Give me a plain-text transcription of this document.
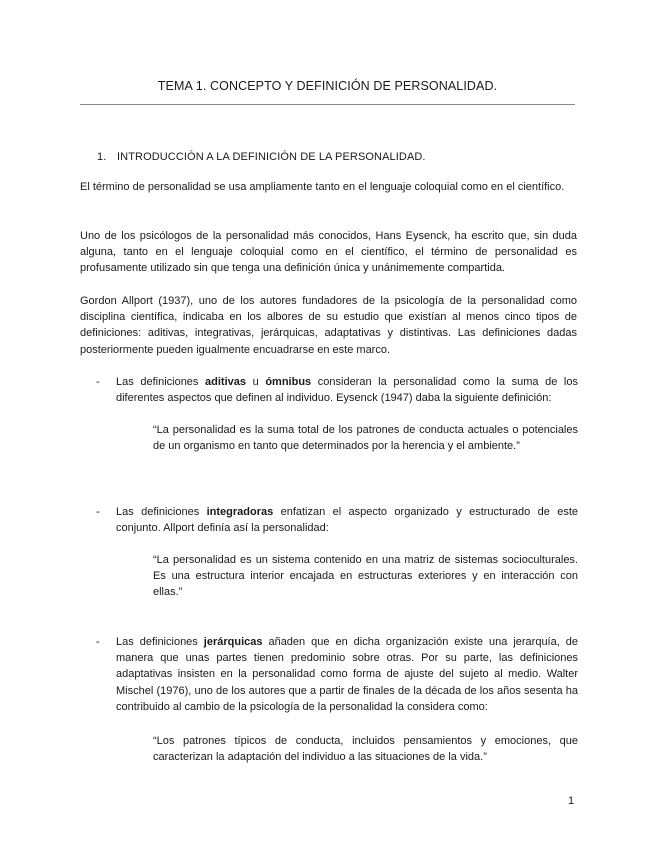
TEMA 1. CONCEPTO Y DEFINICIÓN DE PERSONALIDAD.
1. INTRODUCCIÓN A LA DEFINICIÓN DE LA PERSONALIDAD.
El término de personalidad se usa ampliamente tanto en el lenguaje coloquial como en el científico.
Uno de los psicólogos de la personalidad más conocidos, Hans Eysenck, ha escrito que, sin duda alguna, tanto en el lenguaje coloquial como en el científico, el término de personalidad es profusamente utilizado sin que tenga una definición única y unánimemente compartida.
Gordon Allport (1937), uno de los autores fundadores de la psicología de la personalidad como disciplina científica, indicaba en los albores de su estudio que existían al menos cinco tipos de definiciones: aditivas, integrativas, jerárquicas, adaptativas y distintivas. Las definiciones dadas posteriormente pueden igualmente encuadrarse en este marco.
- Las definiciones aditivas u ómnibus consideran la personalidad como la suma de los diferentes aspectos que definen al individuo. Eysenck (1947) daba la siguiente definición:
“La personalidad es la suma total de los patrones de conducta actuales o potenciales de un organismo en tanto que determinados por la herencia y el ambiente.”
- Las definiciones integradoras enfatizan el aspecto organizado y estructurado de este conjunto. Allport definía así la personalidad:
“La personalidad es un sistema contenido en una matriz de sistemas socioculturales. Es una estructura interior encajada en estructuras exteriores y en interacción con ellas.”
- Las definiciones jerárquicas añaden que en dicha organización existe una jerarquía, de manera que unas partes tienen predominio sobre otras. Por su parte, las definiciones adaptativas insisten en la personalidad como forma de ajuste del sujeto al medio. Walter Mischel (1976), uno de los autores que a partir de finales de la década de los años sesenta ha contribuido al cambio de la psicología de la personalidad la considera como:
“Los patrones típicos de conducta, incluidos pensamientos y emociones, que caracterizan la adaptación del individuo a las situaciones de la vida.”
1
